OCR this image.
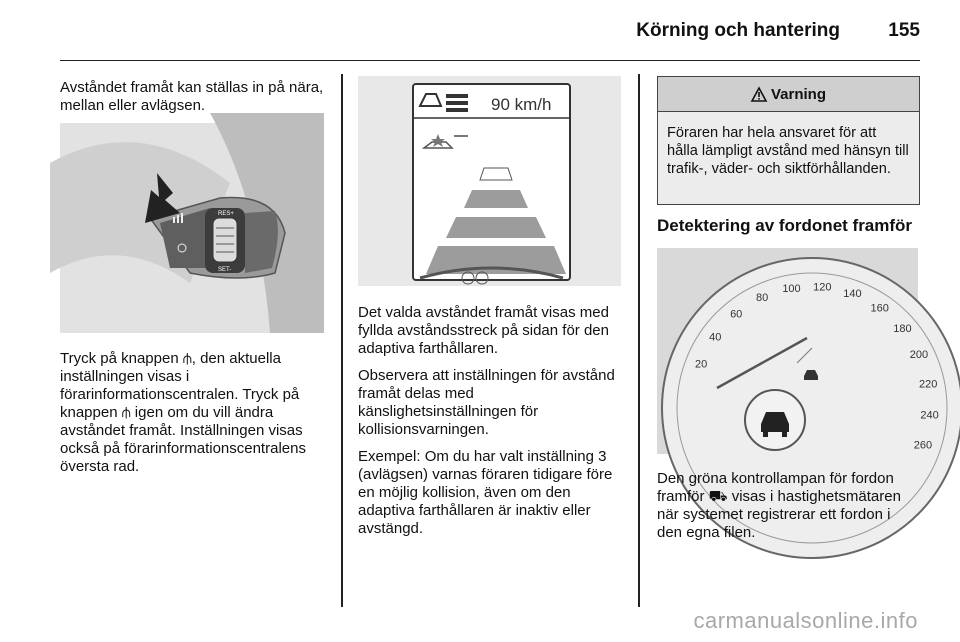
Körning och hantering	155
Avståndet framåt kan ställas in på nära, mellan eller avlägsen.
RES+
SET-
Tryck på knappen ⫛, den aktuella inställningen visas i förarinformationscentralen. Tryck på knappen ⫛ igen om du vill ändra avståndet framåt. Inställningen visas också på förarinformationscentralens översta rad.
90 km/h

Det valda avståndet framåt visas med fyllda avståndsstreck på sidan för den adaptiva farthållaren.

Observera att inställningen för avstånd framåt delas med känslighetsinställningen för kollisionsvarningen.

Exempel: Om du har valt inställning 3 (avlägsen) varnas föraren tidigare före en möjlig kollision, även om den adaptiva farthållaren är inaktiv eller avstängd.

Varning
Föraren har hela ansvaret för att hålla lämpligt avstånd med hänsyn till trafik-, väder- och siktförhållanden.
Detektering av fordonet framför
20
40
60
80
100 120
140
160
180
200
220
240
260
Den gröna kontrollampan för fordon framför ⛟ visas i hastighetsmätaren när systemet registrerar ett fordon i den egna filen.
carmanualsonline.info
